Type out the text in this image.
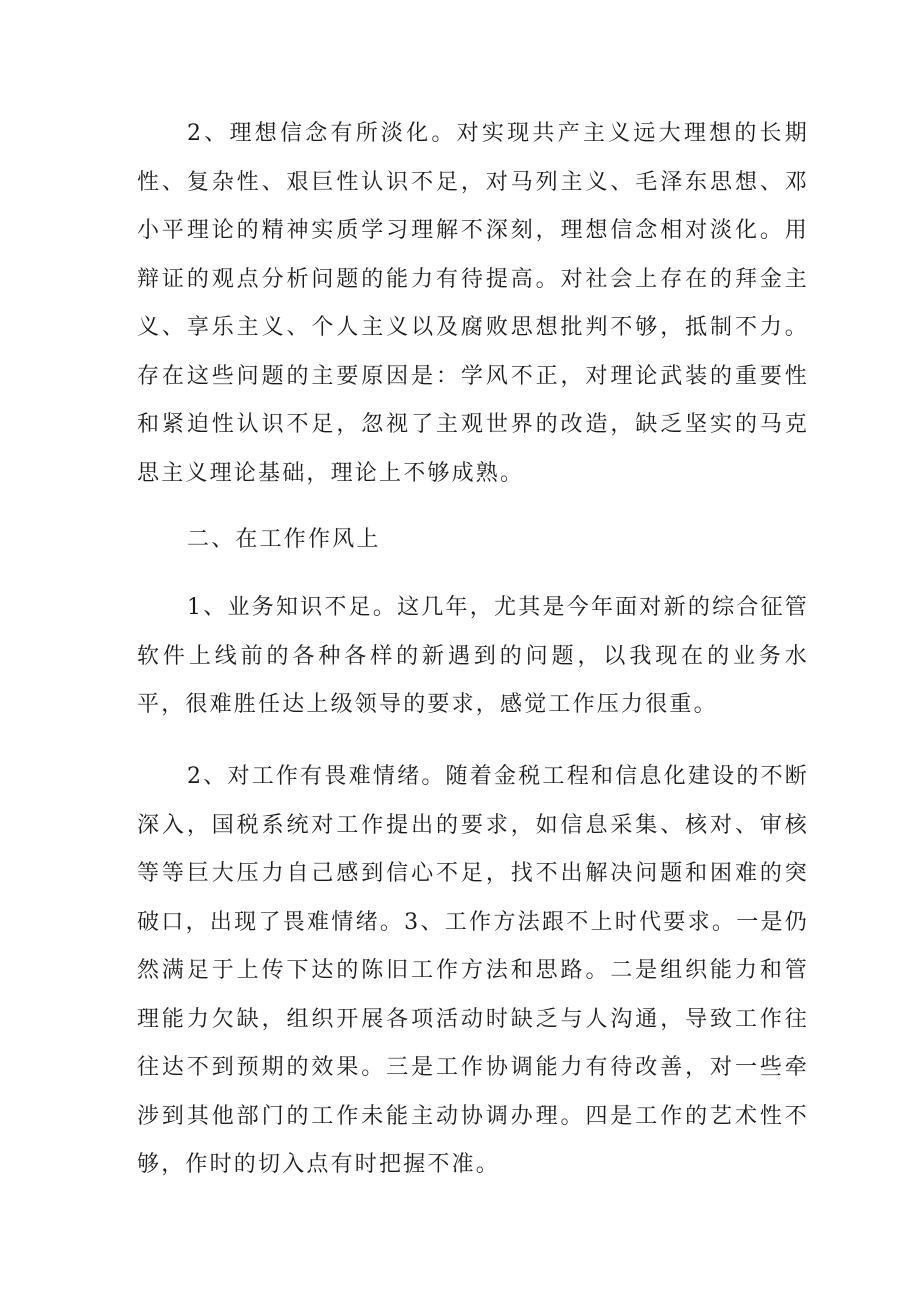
2、理想信念有所淡化。对实现共产主义远大理想的长期性、复杂性、艰巨性认识不足，对马列主义、毛泽东思想、邓小平理论的精神实质学习理解不深刻，理想信念相对淡化。用辩证的观点分析问题的能力有待提高。对社会上存在的拜金主义、享乐主义、个人主义以及腐败思想批判不够，抵制不力。存在这些问题的主要原因是：学风不正，对理论武装的重要性和紧迫性认识不足，忽视了主观世界的改造，缺乏坚实的马克思主义理论基础，理论上不够成熟。

二、在工作作风上

1、业务知识不足。这几年，尤其是今年面对新的综合征管软件上线前的各种各样的新遇到的问题，以我现在的业务水平，很难胜任达上级领导的要求，感觉工作压力很重。

2、对工作有畏难情绪。随着金税工程和信息化建设的不断深入，国税系统对工作提出的要求，如信息采集、核对、审核等等巨大压力自己感到信心不足，找不出解决问题和困难的突破口，出现了畏难情绪。3、工作方法跟不上时代要求。一是仍然满足于上传下达的陈旧工作方法和思路。二是组织能力和管理能力欠缺，组织开展各项活动时缺乏与人沟通，导致工作往往达不到预期的效果。三是工作协调能力有待改善，对一些牵涉到其他部门的工作未能主动协调办理。四是工作的艺术性不够，作时的切入点有时把握不准。
